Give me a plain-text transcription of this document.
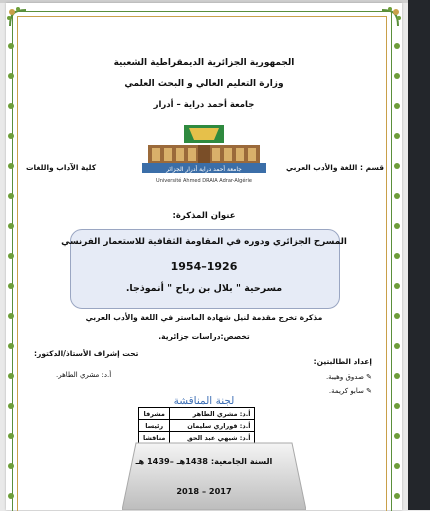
الجمهورية الجزائرية الديمقراطية الشعبية
وزارة التعليم العالي و البحث العلمي
جامعة أحمد دراية – أدرار
جامعة أحمد دراية أدرار الجزائر
Université Ahmed DRAIA Adrar-Algérie
قسم : اللغة والأدب العربي
كلية الآداب واللغات
عنوان المذكرة:
المسرح الجزائري ودوره في المقاومة الثقافية للاستعمار الفرنسي
1954–1926
مسرحية " بلال بن رباح " أنموذجا.
مذكرة تخرج مقدمة لنيل شهادة الماستر في اللغة والأدب العربي
تخصص:دراسات جزائرية.
إعداد الطالبتين:
✎ صدوق وهيبة.
✎ سابو كريمة.
تحت إشراف الأستاذ/الدكتور:
أ.د: مشري الطاهر.
لجنة المناقشة
أ.د: مشري الطاهر	مشرفا
أ.د: قوراري سليمان	رئيسا
أ.د: شيهي عبد الحق	مناقشا
السنة الجامعية: 1438هـ –1439 هـ
2018 – 2017
